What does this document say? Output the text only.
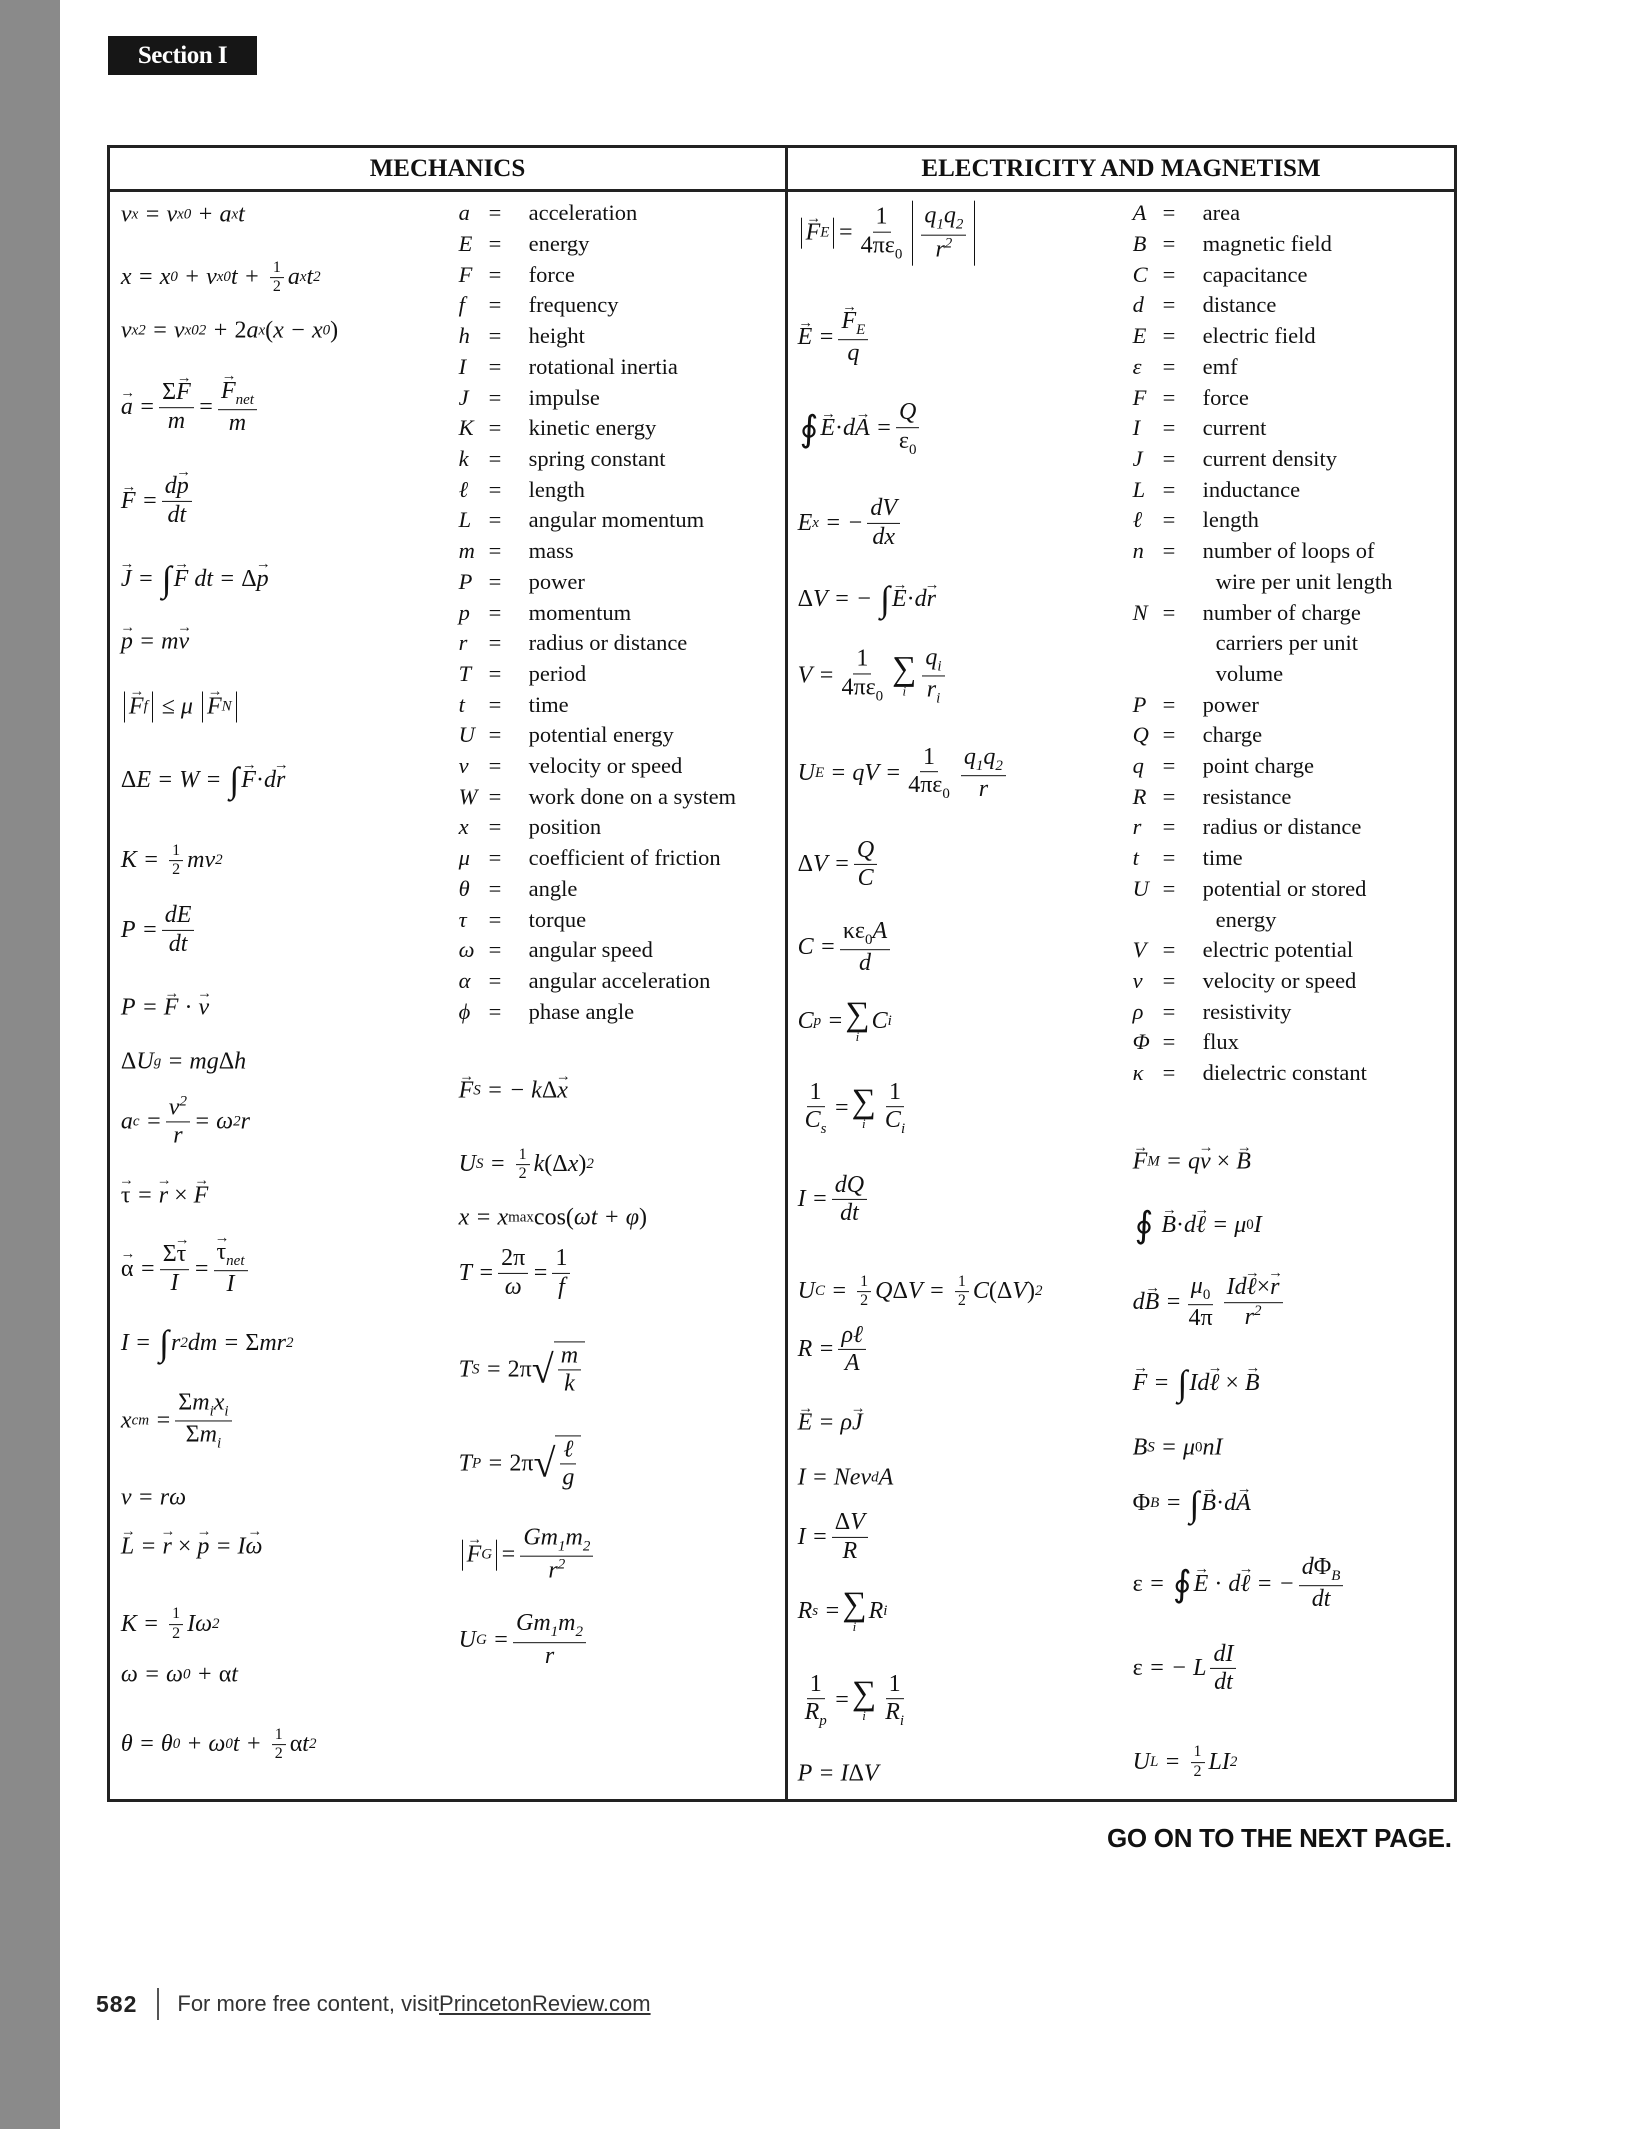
Section I
MECHANICS	ELECTRICITY AND MAGNETISM
v x = v x0 + a x t
x = x 0 + v x0 t + 1
2 a x t 2
v x 2 = v x0 2 + 2 a x ( x − x 0 )
→ a =
Σ→ F
m
=
→ $F_{net}$
m
→ F =
d→ p
dt
→ J = ∫ → F dt = Δ → p
→ p = m → v
→ F f
≤ μ → F N
Δ E = W = ∫ → F · d → r
K = 1
2 mv 2
P =
dE
dt
P = → F
·
→ v
Δ U g = mg Δ h
a c =
$v^2$
r
= ω 2 r
→ τ = → r
×
→ F
→ α =
Σ→ τ
I
=
→ $\tau_{net}$
I
I = ∫ r 2 dm = Σ mr 2
x cm =
$\Sigma m_ix_i$
$\Sigma m_i$
v = rω
→ L = → r
×
→ p = I → ω
K = 1
2 Iω 2
ω = ω 0 + α t
θ = θ 0 + ω 0 t + 1
2 α t 2
→ F S = − k Δ → x
U S = 1
2 k (Δ x ) 2
x = x max cos( ωt + φ )
T =
2π
ω
=
1
f
T S = 2π √ $\frac{m}{k}$
T P = 2π √ ℓ
g
→ F G =
$Gm_1m_2$
$r^2$
U G =
$Gm_1m_2$
r
→ F E =
1
$4\pi\varepsilon_0$
$q_1q_2$
$r^2$
→ E =
→ $F_E$
q
∮ → E · d → A =
Q
$\varepsilon_0$
E x = −
dV
dx
Δ V = − ∫ → E · d → r
V =
1
$4\pi\varepsilon_0$
∑
i
$q_i$
$r_i$
U E = qV =
1
$4\pi\varepsilon_0$
$q_1q_2$
r
Δ V =
Q
C
C =
$\kappa\varepsilon_0A$
d
C p = ∑
i
C i
1
$C_s$
= ∑
i
1
$C_i$
I =
dQ
dt
U C = 1
2 Q Δ V = 1
2 C (Δ V ) 2
R =
ρℓ
A
→ E = ρ → J
I = Nev d A
I =
ΔV
R
R s = ∑
i
R i
1
$R_p$
= ∑
i
1
$R_i$
P = I Δ V
→ F M = q → v
×
→ B
∮
→ B · d → ℓ = μ 0 I
d → B =
$\mu_0$
4π
Id→ ℓ×→ r
$r^2$
→ F = ∫ Id → ℓ
×
→ B
B S = μ 0 nI
Φ B = ∫ → B · d → A
ε = ∮ → E
· d → ℓ = −
$d\Phi_B$
dt
ε = − L
dI
dt
U L = 1
2 LI 2
a =	acceleration
E =	energy
F =	force
f	=	frequency
h =	height
I	=	rotational inertia
J =	impulse
K =	kinetic energy
k =	spring constant
ℓ =	length
L =	angular momentum
m =	mass
P =	power
p =	momentum
r =	radius or distance
T =	period
t	=	time
U =	potential energy
v =	velocity or speed
W =	work done on a system
x =	position
μ =	coefficient of friction
θ =	angle
τ =	torque
ω =	angular speed
α =	angular acceleration
ϕ =	phase angle
A =	area
B =	magnetic field
C =	capacitance
d =	distance
E =	electric field
ε =	emf
F =	force
I	=	current
J =	current density
L =	inductance
ℓ =	length
n =	number of loops of
wire per unit length
N =	number of charge
carriers per unit
volume
P =	power
Q =	charge
q =	point charge
R =	resistance
r =	radius or distance
t	=	time
U =	potential or stored
energy
V =	electric potential
v =	velocity or speed
ρ =	resistivity
Φ =	flux
κ =	dielectric constant
GO ON TO THE NEXT PAGE.
582 For more free content, visit PrincetonReview.com
